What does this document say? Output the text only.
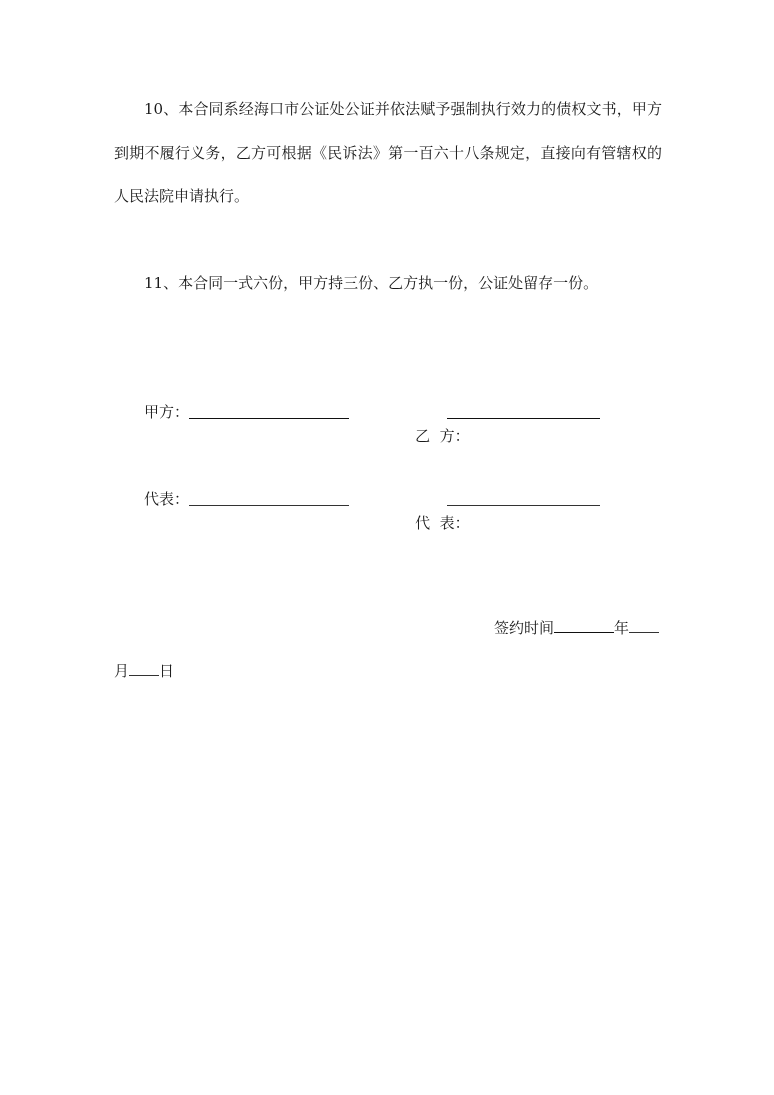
10、本合同系经海口市公证处公证并依法赋予强制执行效力的债权文书，甲方到期不履行义务，乙方可根据《民诉法》第一百六十八条规定，直接向有管辖权的人民法院申请执行。

11、本合同一式六份，甲方持三份、乙方执一份，公证处留存一份。

甲方：

乙  方：

代表：

代  表：

签约时间	年
月 日
